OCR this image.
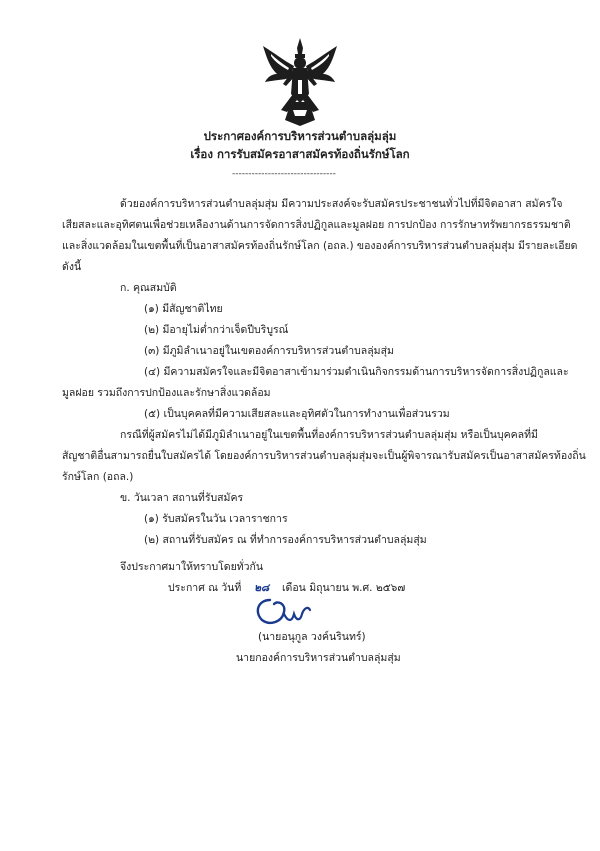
ประกาศองค์การบริหารส่วนตำบลลุ่มลุ่ม
เรื่อง การรับสมัครอาสาสมัครท้องถิ่นรักษ์โลก
--------------------------------
ด้วยองค์การบริหารส่วนตำบลลุ่มสุ่ม มีความประสงค์จะรับสมัครประชาชนทั่วไปที่มีจิตอาสา สมัครใจ
เสียสละและอุทิศตนเพื่อช่วยเหลืองานด้านการจัดการสิ่งปฏิกูลและมูลฝอย การปกป้อง การรักษาทรัพยากรธรรมชาติ
และสิ่งแวดล้อมในเขตพื้นที่เป็นอาสาสมัครท้องถิ่นรักษ์โลก (อถล.) ขององค์การบริหารส่วนตำบลลุ่มสุ่ม มีรายละเอียด
ดังนี้
ก. คุณสมบัติ
(๑) มีสัญชาติไทย
(๒) มีอายุไม่ต่ำกว่าเจ็ดปีบริบูรณ์
(๓) มีภูมิลำเนาอยู่ในเขตองค์การบริหารส่วนตำบลลุ่มสุ่ม
(๔) มีความสมัครใจและมีจิตอาสาเข้ามาร่วมดำเนินกิจกรรมด้านการบริหารจัดการสิ่งปฏิกูลและ
มูลฝอย รวมถึงการปกป้องและรักษาสิ่งแวดล้อม
(๕) เป็นบุคคลที่มีความเสียสละและอุทิศตัวในการทำงานเพื่อส่วนรวม
กรณีที่ผู้สมัครไม่ได้มีภูมิลำเนาอยู่ในเขตพื้นที่องค์การบริหารส่วนตำบลลุ่มสุ่ม หรือเป็นบุคคลที่มี
สัญชาติอื่นสามารถยื่นใบสมัครได้ โดยองค์การบริหารส่วนตำบลลุ่มสุ่มจะเป็นผู้พิจารณารับสมัครเป็นอาสาสมัครท้องถิ่น
รักษ์โลก (อถล.)
ข. วันเวลา สถานที่รับสมัคร
(๑) รับสมัครในวัน เวลาราชการ
(๒) สถานที่รับสมัคร ณ ที่ทำการองค์การบริหารส่วนตำบลลุ่มสุ่ม
จึงประกาศมาให้ทราบโดยทั่วกัน
ประกาศ ณ วันที่ ๒๘ เดือน มิถุนายน พ.ศ. ๒๕๖๗
(นายอนุกูล วงค์นรินทร์)
นายกองค์การบริหารส่วนตำบลลุ่มสุ่ม
